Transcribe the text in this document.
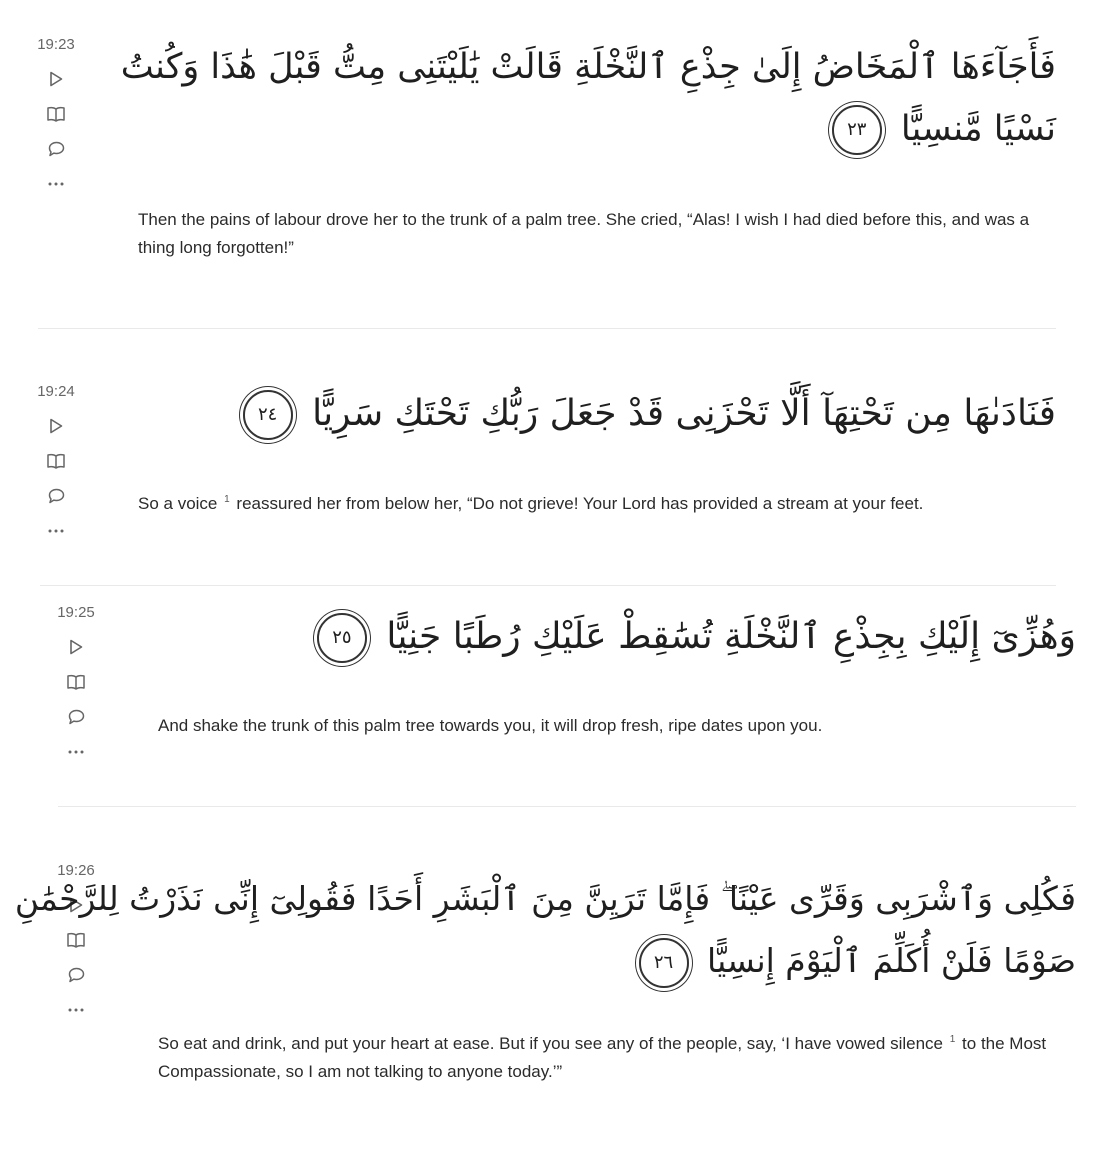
19:23
فَأَجَآءَهَا ٱلْمَخَاضُ إِلَىٰ جِذْعِ ٱلنَّخْلَةِ قَالَتْ يَٰلَيْتَنِى مِتُّ قَبْلَ هَٰذَا وَكُنتُ
نَسْيًا مَّنسِيًّا ٢٣
Then the pains of labour drove her to the trunk of a palm tree. She cried, “Alas! I wish I had died before this, and was a thing long forgotten!”
19:24
فَنَادَىٰهَا مِن تَحْتِهَآ أَلَّا تَحْزَنِى قَدْ جَعَلَ رَبُّكِ تَحْتَكِ سَرِيًّا ٢٤
So a voice $^1$ reassured her from below her, “Do not grieve! Your Lord has provided a stream at your feet.
19:25
وَهُزِّىٓ إِلَيْكِ بِجِذْعِ ٱلنَّخْلَةِ تُسَٰقِطْ عَلَيْكِ رُطَبًا جَنِيًّا ٢٥
And shake the trunk of this palm tree towards you, it will drop fresh, ripe dates upon you.
19:26
فَكُلِى وَٱشْرَبِى وَقَرِّى عَيْنًا ۖ فَإِمَّا تَرَيِنَّ مِنَ ٱلْبَشَرِ أَحَدًا فَقُولِىٓ إِنِّى نَذَرْتُ لِلرَّحْمَٰنِ
صَوْمًا فَلَنْ أُكَلِّمَ ٱلْيَوْمَ إِنسِيًّا ٢٦
So eat and drink, and put your heart at ease. But if you see any of the people, say, ‘I have vowed silence $^1$ to the Most Compassionate, so I am not talking to anyone today.’”
